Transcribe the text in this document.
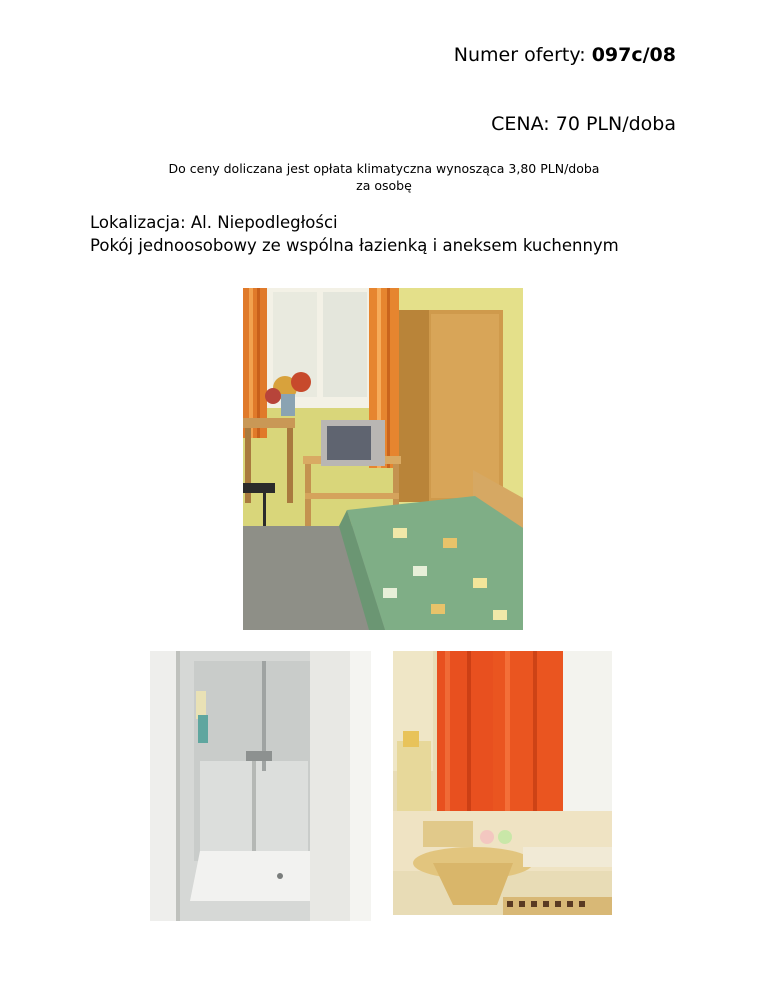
Numer oferty: 097c/08
CENA: 70 PLN/doba
Do ceny doliczana jest opłata klimatyczna wynosząca 3,80 PLN/doba
za osobę
Lokalizacja: Al. Niepodległości
Pokój jednoosobowy ze wspólna łazienką i aneksem kuchennym
